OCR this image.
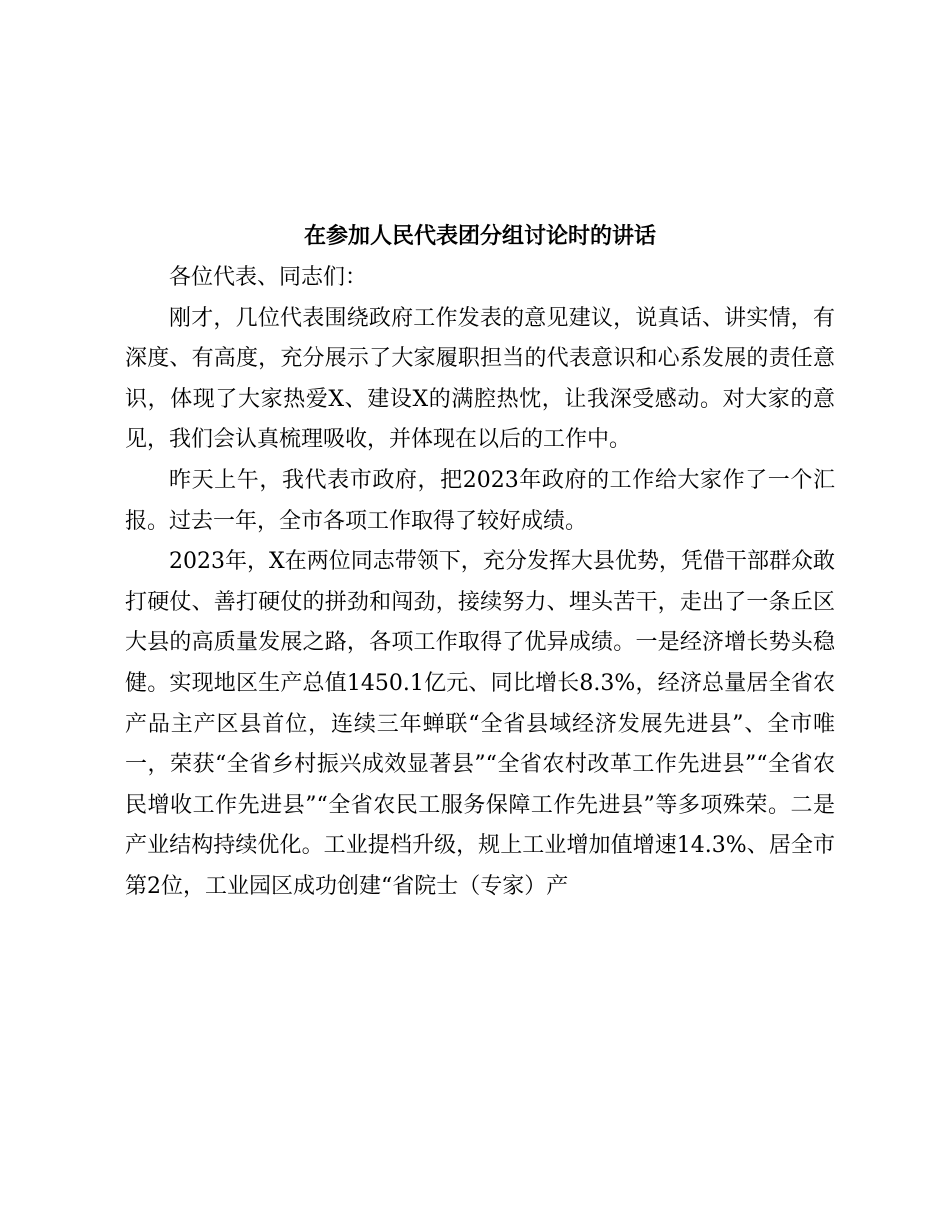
在参加人民代表团分组讨论时的讲话

各位代表、同志们：

刚才，几位代表围绕政府工作发表的意见建议，说真话、讲实情，有深度、有高度，充分展示了大家履职担当的代表意识和心系发展的责任意识，体现了大家热爱X、建设X的满腔热忱，让我深受感动。对大家的意见，我们会认真梳理吸收，并体现在以后的工作中。

昨天上午，我代表市政府，把2023年政府的工作给大家作了一个汇报。过去一年，全市各项工作取得了较好成绩。

2023年，X在两位同志带领下，充分发挥大县优势，凭借干部群众敢打硬仗、善打硬仗的拼劲和闯劲，接续努力、埋头苦干，走出了一条丘区大县的高质量发展之路，各项工作取得了优异成绩。一是经济增长势头稳健。实现地区生产总值1450.1亿元、同比增长8.3%，经济总量居全省农产品主产区县首位，连续三年蝉联“全省县域经济发展先进县”、全市唯一，荣获“全省乡村振兴成效显著县”“全省农村改革工作先进县”“全省农民增收工作先进县”“全省农民工服务保障工作先进县”等多项殊荣。二是产业结构持续优化。工业提档升级，规上工业增加值增速14.3%、居全市第2位，工业园区成功创建“省院士（专家）产
